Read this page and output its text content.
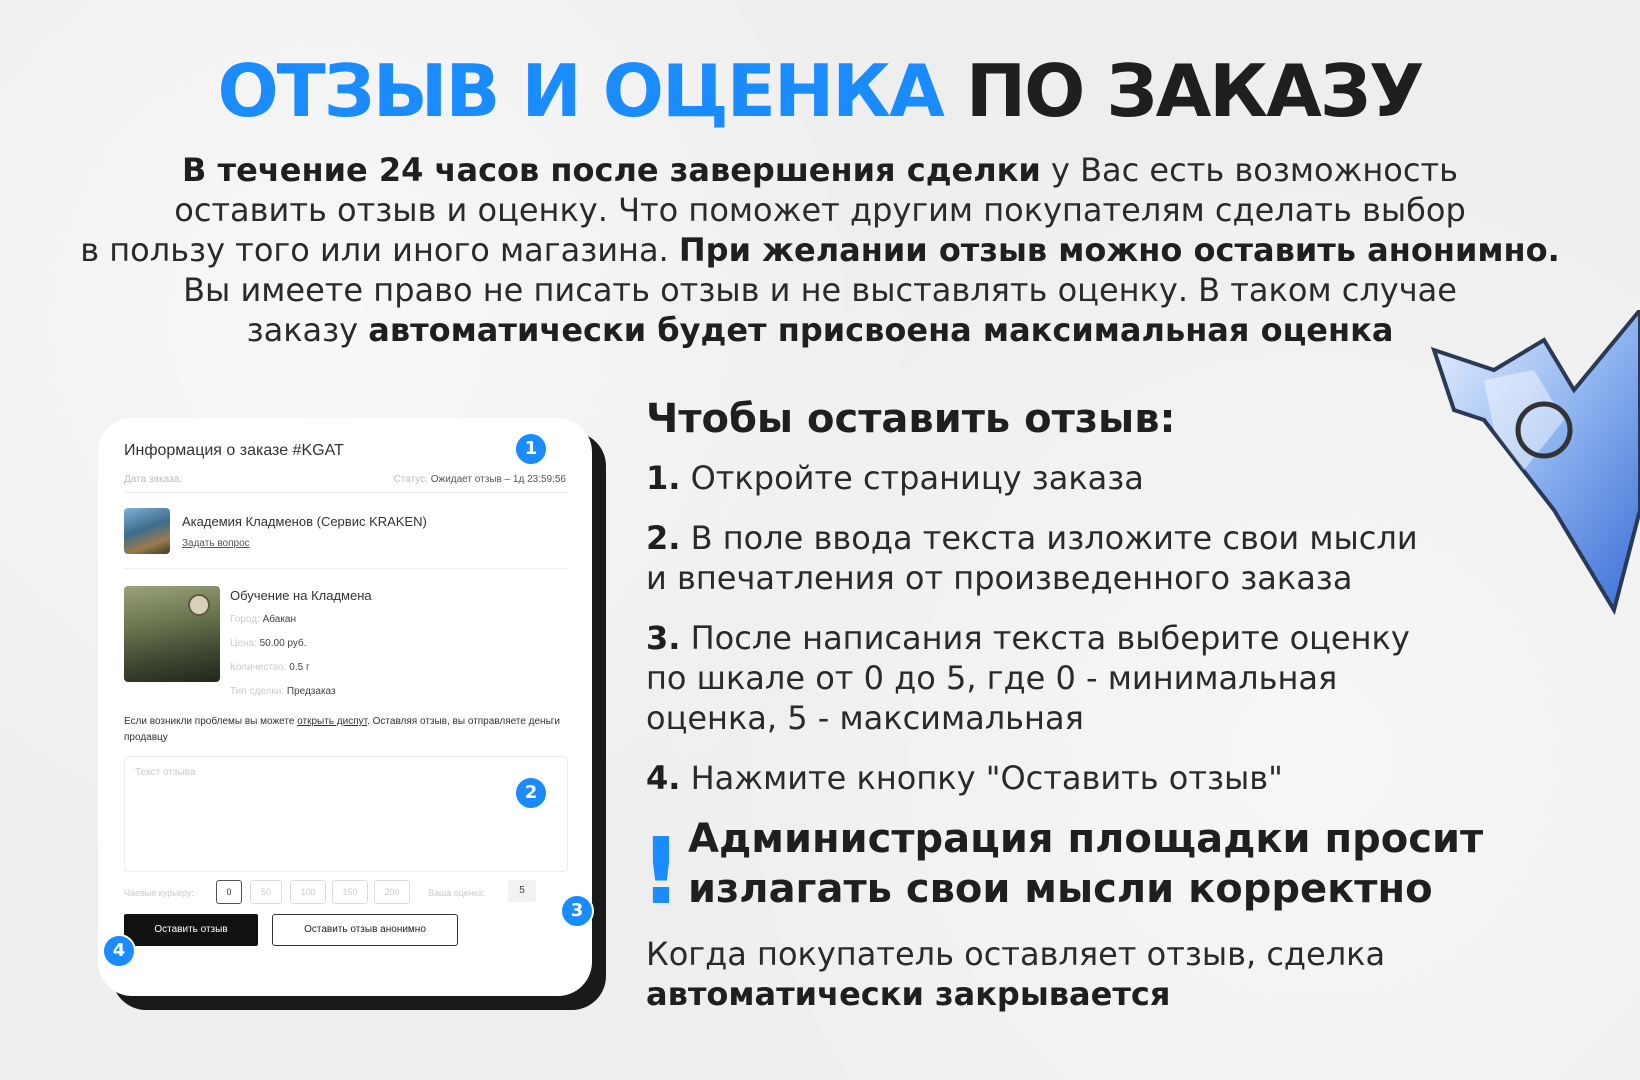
ОТЗЫВ И ОЦЕНКА ПО ЗАКАЗУ
В течение 24 часов после завершения сделки у Вас есть возможность
оставить отзыв и оценку. Что поможет другим покупателям сделать выбор
в пользу того или иного магазина. При желании отзыв можно оставить анонимно.
Вы имеете право не писать отзыв и не выставлять оценку. В таком случае
заказу автоматически будет присвоена максимальная оценка
Информация о заказе #KGAT
Дата заказа:	Статус: Ожидает отзыв – 1д 23:59:56
Академия Кладменов (Сервис KRAKEN)
Задать вопрос
Обучение на Кладмена
Город: Абакан
Цена: 50.00 руб.
Количество: 0.5 г
Тип сделки: Предзаказ
Если возникли проблемы вы можете открыть диспут. Оставляя отзыв, вы отправляете деньги продавцу
Текст отзыва
Чаевые курьеру:	0	50	100	150	200	Ваша оценка:	5
Оставить отзыв	Оставить отзыв анонимно
1
2
3
4
Чтобы оставить отзыв:
1. Откройте страницу заказа
2. В поле ввода текста изложите свои мысли
и впечатления от произведенного заказа
3. После написания текста выберите оценку
по шкале от 0 до 5, где 0 - минимальная
оценка, 5 - максимальная
4. Нажмите кнопку "Оставить отзыв"
! Администрация площадки просит
излагать свои мысли корректно
Когда покупатель оставляет отзыв, сделка
автоматически закрывается
